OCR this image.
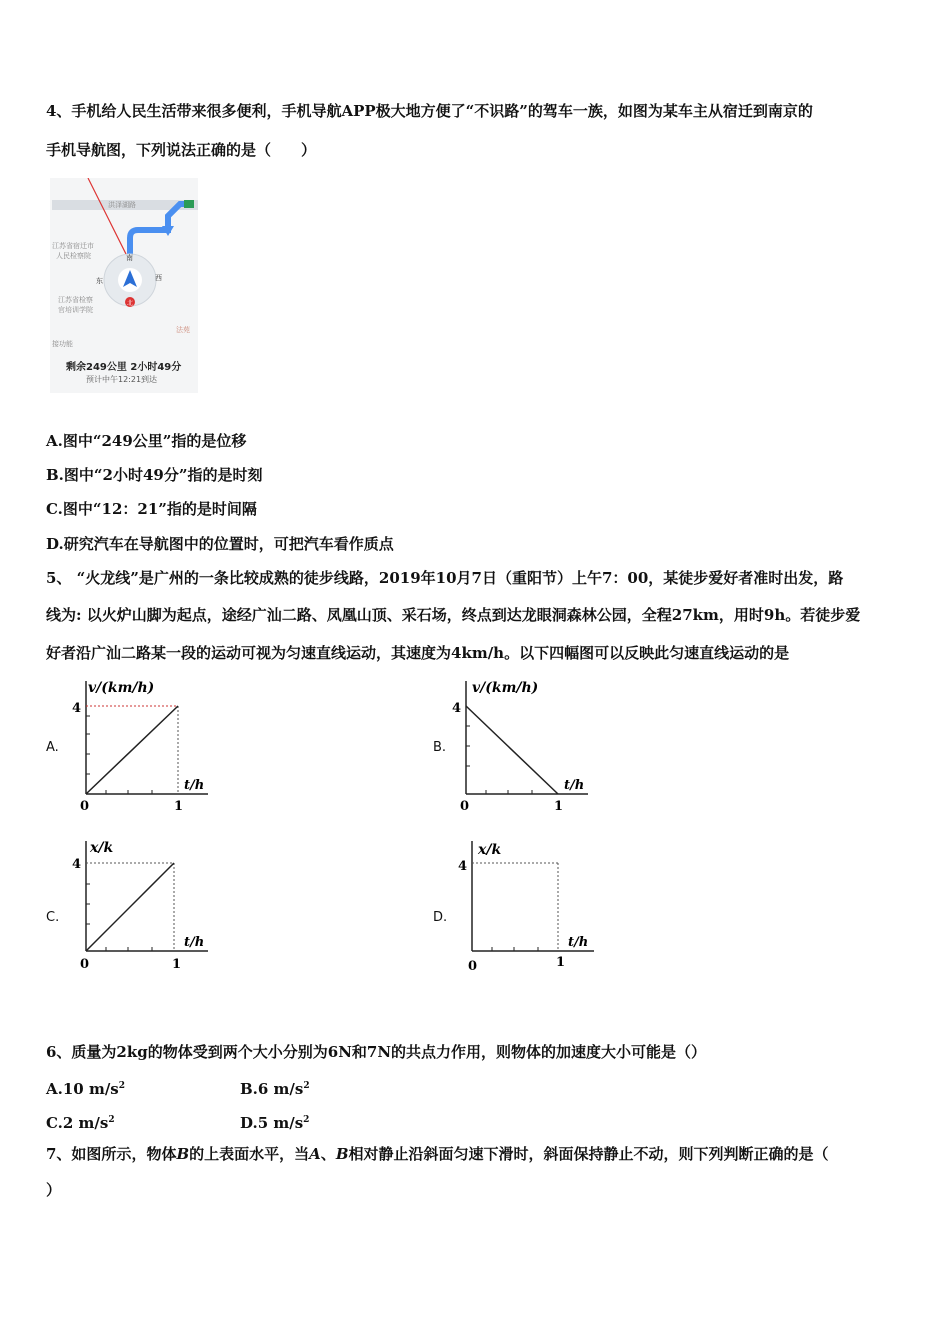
4、手机给人民生活带来很多便利，手机导航APP极大地方便了“不识路”的驾车一族，如图为某车主从宿迁到南京的
手机导航图，下列说法正确的是（　　）
洪泽湖路
江苏省宿迁市
人民检察院
江苏省检察
官培训学院
南
东	西
北
法苑
接功能
剩余249公里 2小时49分
预计中午12:21到达
A.图中“249公里”指的是位移
B.图中“2小时49分”指的是时刻
C.图中“12：21”指的是时间隔
D.研究汽车在导航图中的位置时，可把汽车看作质点
5、 “火龙线”是广州的一条比较成熟的徒步线路，2019年10月7日（重阳节）上午7：00，某徒步爱好者准时出发，路
线为: 以火炉山脚为起点，途经广汕二路、凤凰山顶、采石场，终点到达龙眼洞森林公园，全程27km，用时9h。若徒步爱
好者沿广汕二路某一段的运动可视为匀速直线运动，其速度为4km/h。以下四幅图可以反映此匀速直线运动的是
A.
v/(km/h)
t/h
4
1
0
B.
v/(km/h)
t/h
4
1
0
C.
x/k
t/h
4
1
0
D.
x/k
t/h
4
1
0
6、质量为2kg的物体受到两个大小分别为6N和7N的共点力作用，则物体的加速度大小可能是（）
A.10 $m/s^2$	B.6 $m/s^2$
C.2 $m/s^2$	D.5 $m/s^2$
7、如图所示，物体B的上表面水平，当A、B相对静止沿斜面匀速下滑时，斜面保持静止不动，则下列判断正确的是（
）
